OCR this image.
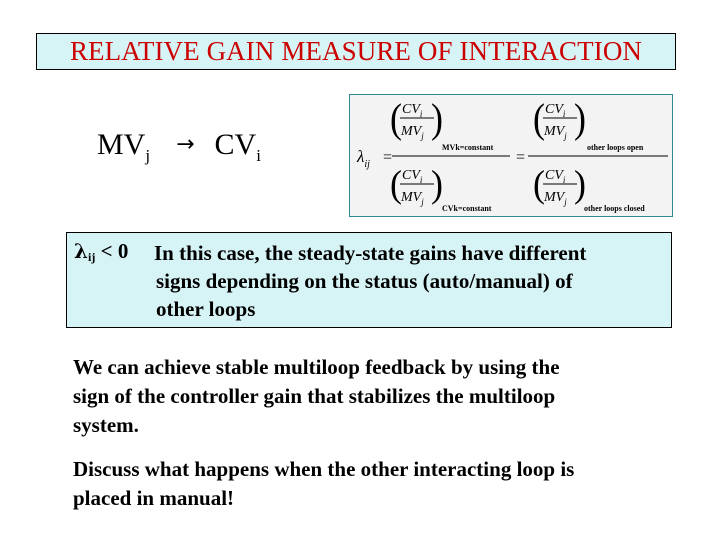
RELATIVE GAIN MEASURE OF INTERACTION
$MV_j \to CV_i$	$\lambda_{ij}$ =
( )
$CV_i$
$MV_j$
MVk=constant
( )
$CV_i$
$MV_j$
CVk=constant
=
( )
$CV_i$
$MV_j$
other loops open
( )
$CV_i$
$MV_j$
other loops closed
$\lambda_{ij} < 0$ In this case, the steady-state gains have different
signs depending on the status (auto/manual) of
other loops
We can achieve stable multiloop feedback by using the
sign of the controller gain that stabilizes the multiloop
system.
Discuss what happens when the other interacting loop is
placed in manual!
